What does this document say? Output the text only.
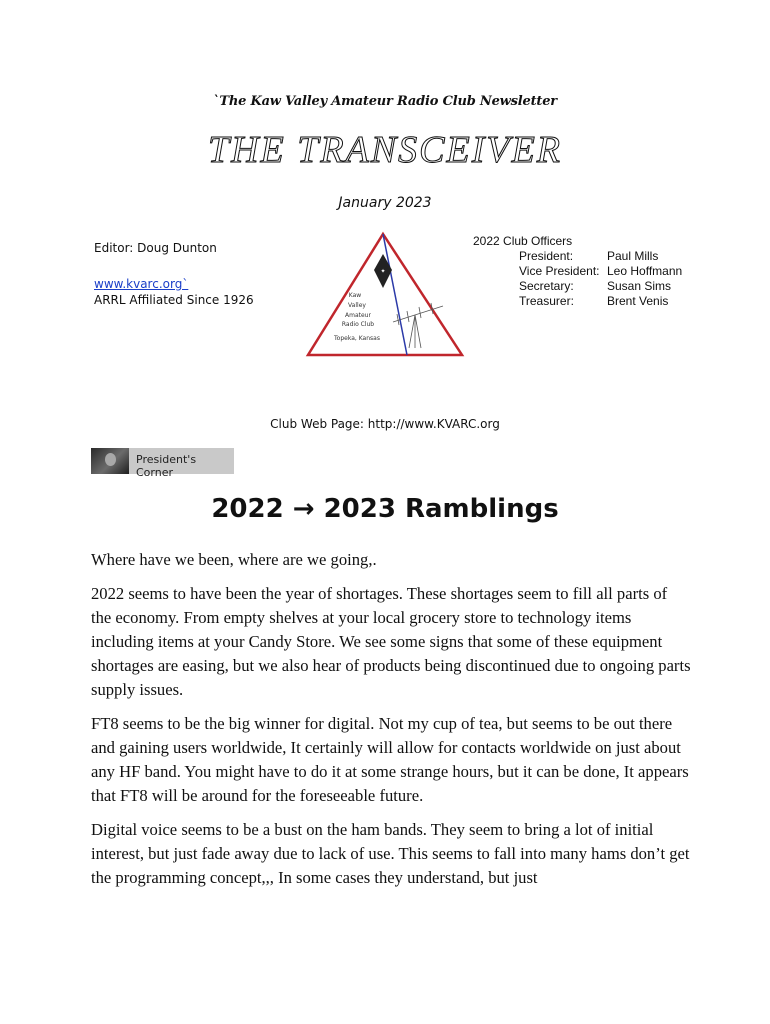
`The Kaw Valley Amateur Radio Club Newsletter
THE TRANSCEIVER
January 2023
Editor: Doug Dunton
www.kvarc.org`
ARRL Affiliated Since 1926
✦
Kaw
Valley
Amateur
Radio Club
Topeka, Kansas
2022 Club Officers
President:	Paul Mills
Vice President: Leo Hoffmann
Secretary:	Susan Sims
Treasurer:	Brent Venis
Club Web Page: http://www.KVARC.org
President's Corner
2022 → 2023 Ramblings

Where have we been, where are we going,.

2022 seems to have been the year of shortages. These shortages seem to fill all parts of the economy. From empty shelves at your local grocery store to technology items including items at your Candy Store. We see some signs that some of these equipment shortages are easing, but we also hear of products being discontinued due to ongoing parts supply issues.

FT8 seems to be the big winner for digital. Not my cup of tea, but seems to be out there and gaining users worldwide, It certainly will allow for contacts worldwide on just about any HF band. You might have to do it at some strange hours, but it can be done, It appears that FT8 will be around for the foreseeable future.

Digital voice seems to be a bust on the ham bands. They seem to bring a lot of initial interest, but just fade away due to lack of use. This seems to fall into many hams don’t get the programming concept,,, In some cases they understand, but just
